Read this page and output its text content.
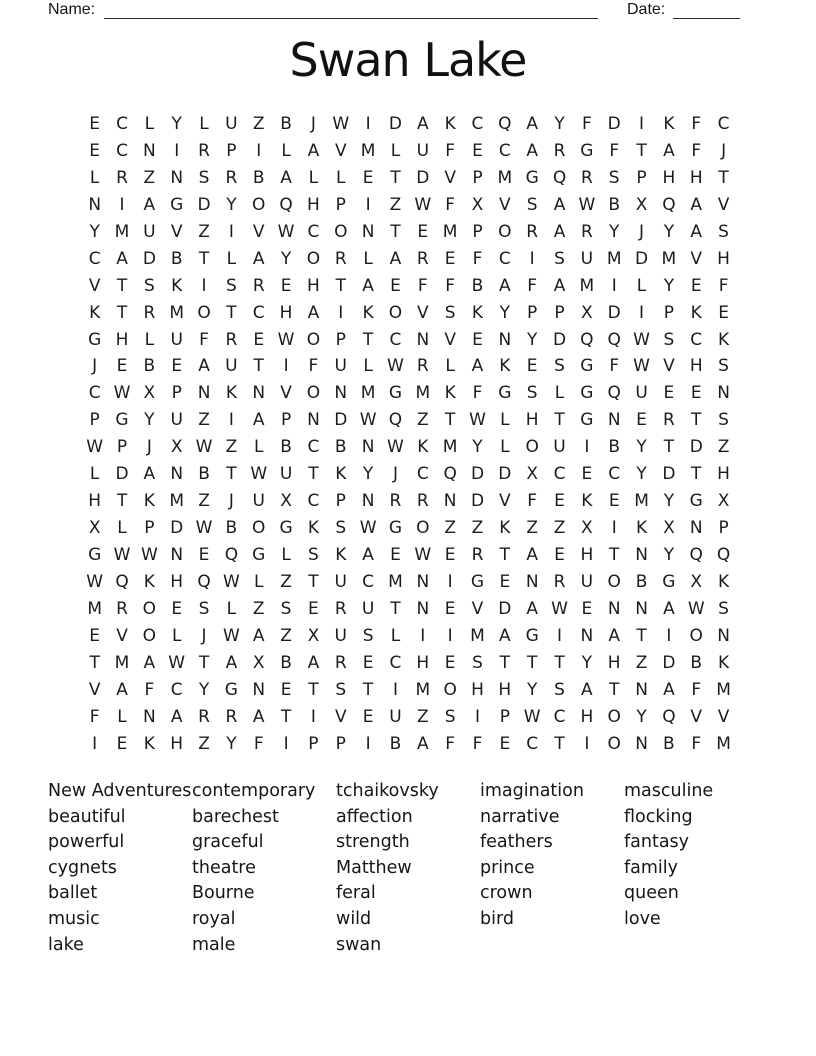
Name:	Date:
Swan Lake
E C L	Y	L U Z B	J W I	D A K C Q A Y	F D	I	K F C
E C N	I	R P	I	L A V M L U F	E C A R G F	T A F	J
L R Z N S R B A L	L	E T D V P M G Q R S P H H T
N	I	A G D Y O Q H P	I	Z W F X V S A W B X Q A V
Y M U V Z	I	V W C O N T E M P O R A R Y	J	Y A S
C A D B T	L A Y O R L A R E	F C	I	S U M D M V H
V T S K	I	S R E H T A E	F	F B A F A M	I	L	Y E	F
K T R M O T C H A	I	K O V S K Y	P	P X D	I	P K E
G H L U F R E W O P	T C N V E N Y D Q Q W S C K
J	E B E A U T	I	F U L W R L A K E S G F W V H S
C W X P N K N V O N M G M K F G S	L G Q U E E N
P G Y U Z	I	A P N D W Q Z T W L H T G N E R T S
W P	J	X W Z L B C B N W K M Y	L O U	I	B Y T D Z
L D A N B T W U T K Y	J	C Q D D X C E C Y D T H
H T K M Z	J	U X C P N R R N D V F	E K E M Y G X
X L	P D W B O G K S W G O Z Z K Z Z X	I	K X N P
G W W N E Q G L	S K A E W E R T A E H T N Y Q Q
W Q K H Q W L Z T U C M N	I	G E N R U O B G X K
M R O E S	L Z S E R U T N E V D A W E N N A W S
E V O L	J W A Z X U S	L	I	I	M A G	I	N A T	I	O N
T M A W T A X B A R E C H E S T T T Y H Z D B K
V A F C Y G N E T S T	I	M O H H Y S A T N A F M
F	L N A R R A T	I	V E U Z S	I	P W C H O Y Q V V
I	E K H Z Y	F	I	P	P	I	B A F	F	E C T	I	O N B F M
New Adventures
beautiful
powerful
cygnets
ballet
music
lake
contemporary
barechest
graceful
theatre
Bourne
royal
male
tchaikovsky
affection
strength
Matthew
feral
wild
swan
imagination
narrative
feathers
prince
crown
bird
masculine
flocking
fantasy
family
queen
love
